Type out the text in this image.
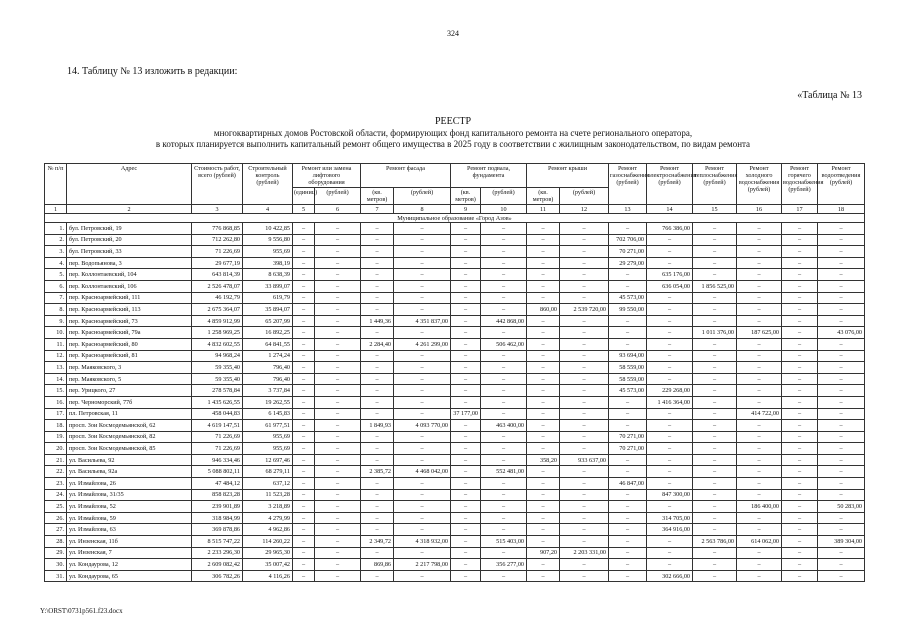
324
14. Таблицу № 13 изложить в редакции:
«Таблица № 13
РЕЕСТР
многоквартирных домов Ростовской области, формирующих фонд капитального ремонта на счете регионального оператора,
в которых планируется выполнить капитальный ремонт общего имущества в 2025 году в соответствии с жилищным законодательством, по видам ремонта
№ п/п	Адрес	Стоимость работ, всего (рублей)	Строительный контроль (рублей)	Ремонт или замена лифтового оборудования		Ремонт фасада		Ремонт подвала, фундамента		Ремонт крыши		Ремонт газоснабжения (рублей)	Ремонт электроснабжения (рублей)	Ремонт теплоснабжения (рублей)	Ремонт холодного водоснабжения (рублей)	Ремонт горячего водоснабжения (рублей)	Ремонт водоотведения (рублей)
				(единиц)	(рублей)	(кв. метров)	(рублей)	(кв. метров)	(рублей)	(кв. метров)	(рублей)						
1	2	3	4	5	6	7	8	9	10	11	12	13	14	15	16	17	18
Муниципальное образование «Город Азов»																	
1.	бул. Петровский, 19	776 868,85	10 422,85	–	–	–	–	–	–	–	–	–	766 386,00	–	–	–	–
2.	бул. Петровский, 20	712 262,80	9 556,80	–	–	–	–	–	–	–	–	702 706,00	–	–	–	–	–
3.	бул. Петровский, 33	71 226,69	955,69	–	–	–	–	–	–	–	–	70 271,00	–	–	–	–	–
4.	пер. Водопьянова, 3	29 677,19	398,19	–	–	–	–	–	–	–	–	29 279,00	–	–	–	–	–
5.	пер. Коллонтаевский, 104	643 814,39	8 638,39	–	–	–	–	–	–	–	–	–	635 176,00	–	–	–	–
6.	пер. Коллонтаевский, 106	2 526 478,07	33 899,07	–	–	–	–	–	–	–	–	–	636 054,00	1 856 525,00	–	–	–
7.	пер. Красноармейский, 111	46 192,79	619,79	–	–	–	–	–	–	–	–	45 573,00	–	–	–	–	–
8.	пер. Красноармейский, 113	2 675 364,07	35 894,07	–	–	–	–	–	–	860,00	2 539 720,00	99 550,00	–	–	–	–	–
9.	пер. Красноармейский, 73	4 859 912,99	65 207,99	–	–	1 449,36	4 351 837,00	–	442 868,00	–	–	–	–	–	–	–	–
10.	пер. Красноармейский, 79а	1 258 969,25	16 892,25	–	–	–	–	–	–	–	–	–	–	1 011 376,00	187 625,00	–	43 076,00
11.	пер. Красноармейский, 80	4 832 602,55	64 841,55	–	–	2 284,40	4 261 299,00	–	506 462,00	–	–	–	–	–	–	–	–
12.	пер. Красноармейский, 81	94 968,24	1 274,24	–	–	–	–	–	–	–	–	93 694,00	–	–	–	–	–
13.	пер. Маяковского, 3	59 355,40	796,40	–	–	–	–	–	–	–	–	58 559,00	–	–	–	–	–
14.	пер. Маяковского, 5	59 355,40	796,40	–	–	–	–	–	–	–	–	58 559,00	–	–	–	–	–
15.	пер. Урицкого, 27	278 578,84	3 737,84	–	–	–	–	–	–	–	–	45 573,00	229 268,00	–	–	–	–
16.	пер. Черноморский, 77б	1 435 626,55	19 262,55	–	–	–	–	–	–	–	–	–	1 416 364,00	–	–	–	–
17.	пл. Петровская, 11	458 044,83	6 145,83	–	–	–	–	37 177,00	–	–	–	–	–	–	414 722,00	–	–
18.	просп. Зои Космодемьянской, 62	4 619 147,51	61 977,51	–	–	1 849,93	4 093 770,00	–	463 400,00	–	–	–	–	–	–	–	–
19.	просп. Зои Космодемьянской, 82	71 226,69	955,69	–	–	–	–	–	–	–	–	70 271,00	–	–	–	–	–
20.	просп. Зои Космодемьянской, 85	71 226,69	955,69	–	–	–	–	–	–	–	–	70 271,00	–	–	–	–	–
21.	ул. Васильева, 92	946 334,46	12 697,46	–	–	–	–	–	–	358,20	933 637,00	–	–	–	–	–	–
22.	ул. Васильева, 92а	5 088 802,11	68 279,11	–	–	2 385,72	4 468 042,00	–	552 481,00	–	–	–	–	–	–	–	–
23.	ул. Измайлова, 26	47 484,12	637,12	–	–	–	–	–	–	–	–	46 847,00	–	–	–	–	–
24.	ул. Измайлова, 31/35	858 823,28	11 523,28	–	–	–	–	–	–	–	–	–	847 300,00	–	–	–	–
25.	ул. Измайлова, 52	239 901,89	3 218,89	–	–	–	–	–	–	–	–	–	–	–	186 400,00	–	50 283,00
26.	ул. Измайлова, 59	318 984,99	4 279,99	–	–	–	–	–	–	–	–	–	314 705,00	–	–	–	–
27.	ул. Измайлова, 63	369 878,86	4 962,86	–	–	–	–	–	–	–	–	–	364 916,00	–	–	–	–
28.	ул. Инзенская, 11б	8 515 747,22	114 260,22	–	–	2 349,72	4 318 932,00	–	515 403,00	–	–	–	–	2 563 786,00	614 062,00	–	389 304,00
29.	ул. Инзенская, 7	2 233 296,30	29 965,30	–	–	–	–	–	–	907,20	2 203 331,00	–	–	–	–	–	–
30.	ул. Кондаурова, 12	2 609 082,42	35 007,42	–	–	869,86	2 217 798,00	–	356 277,00	–	–	–	–	–	–	–	–
31.	ул. Кондаурова, 65	306 782,26	4 116,26	–	–	–	–	–	–	–	–	–	302 666,00	–	–	–	–
Y:\ORST\0731p561.f23.docx
